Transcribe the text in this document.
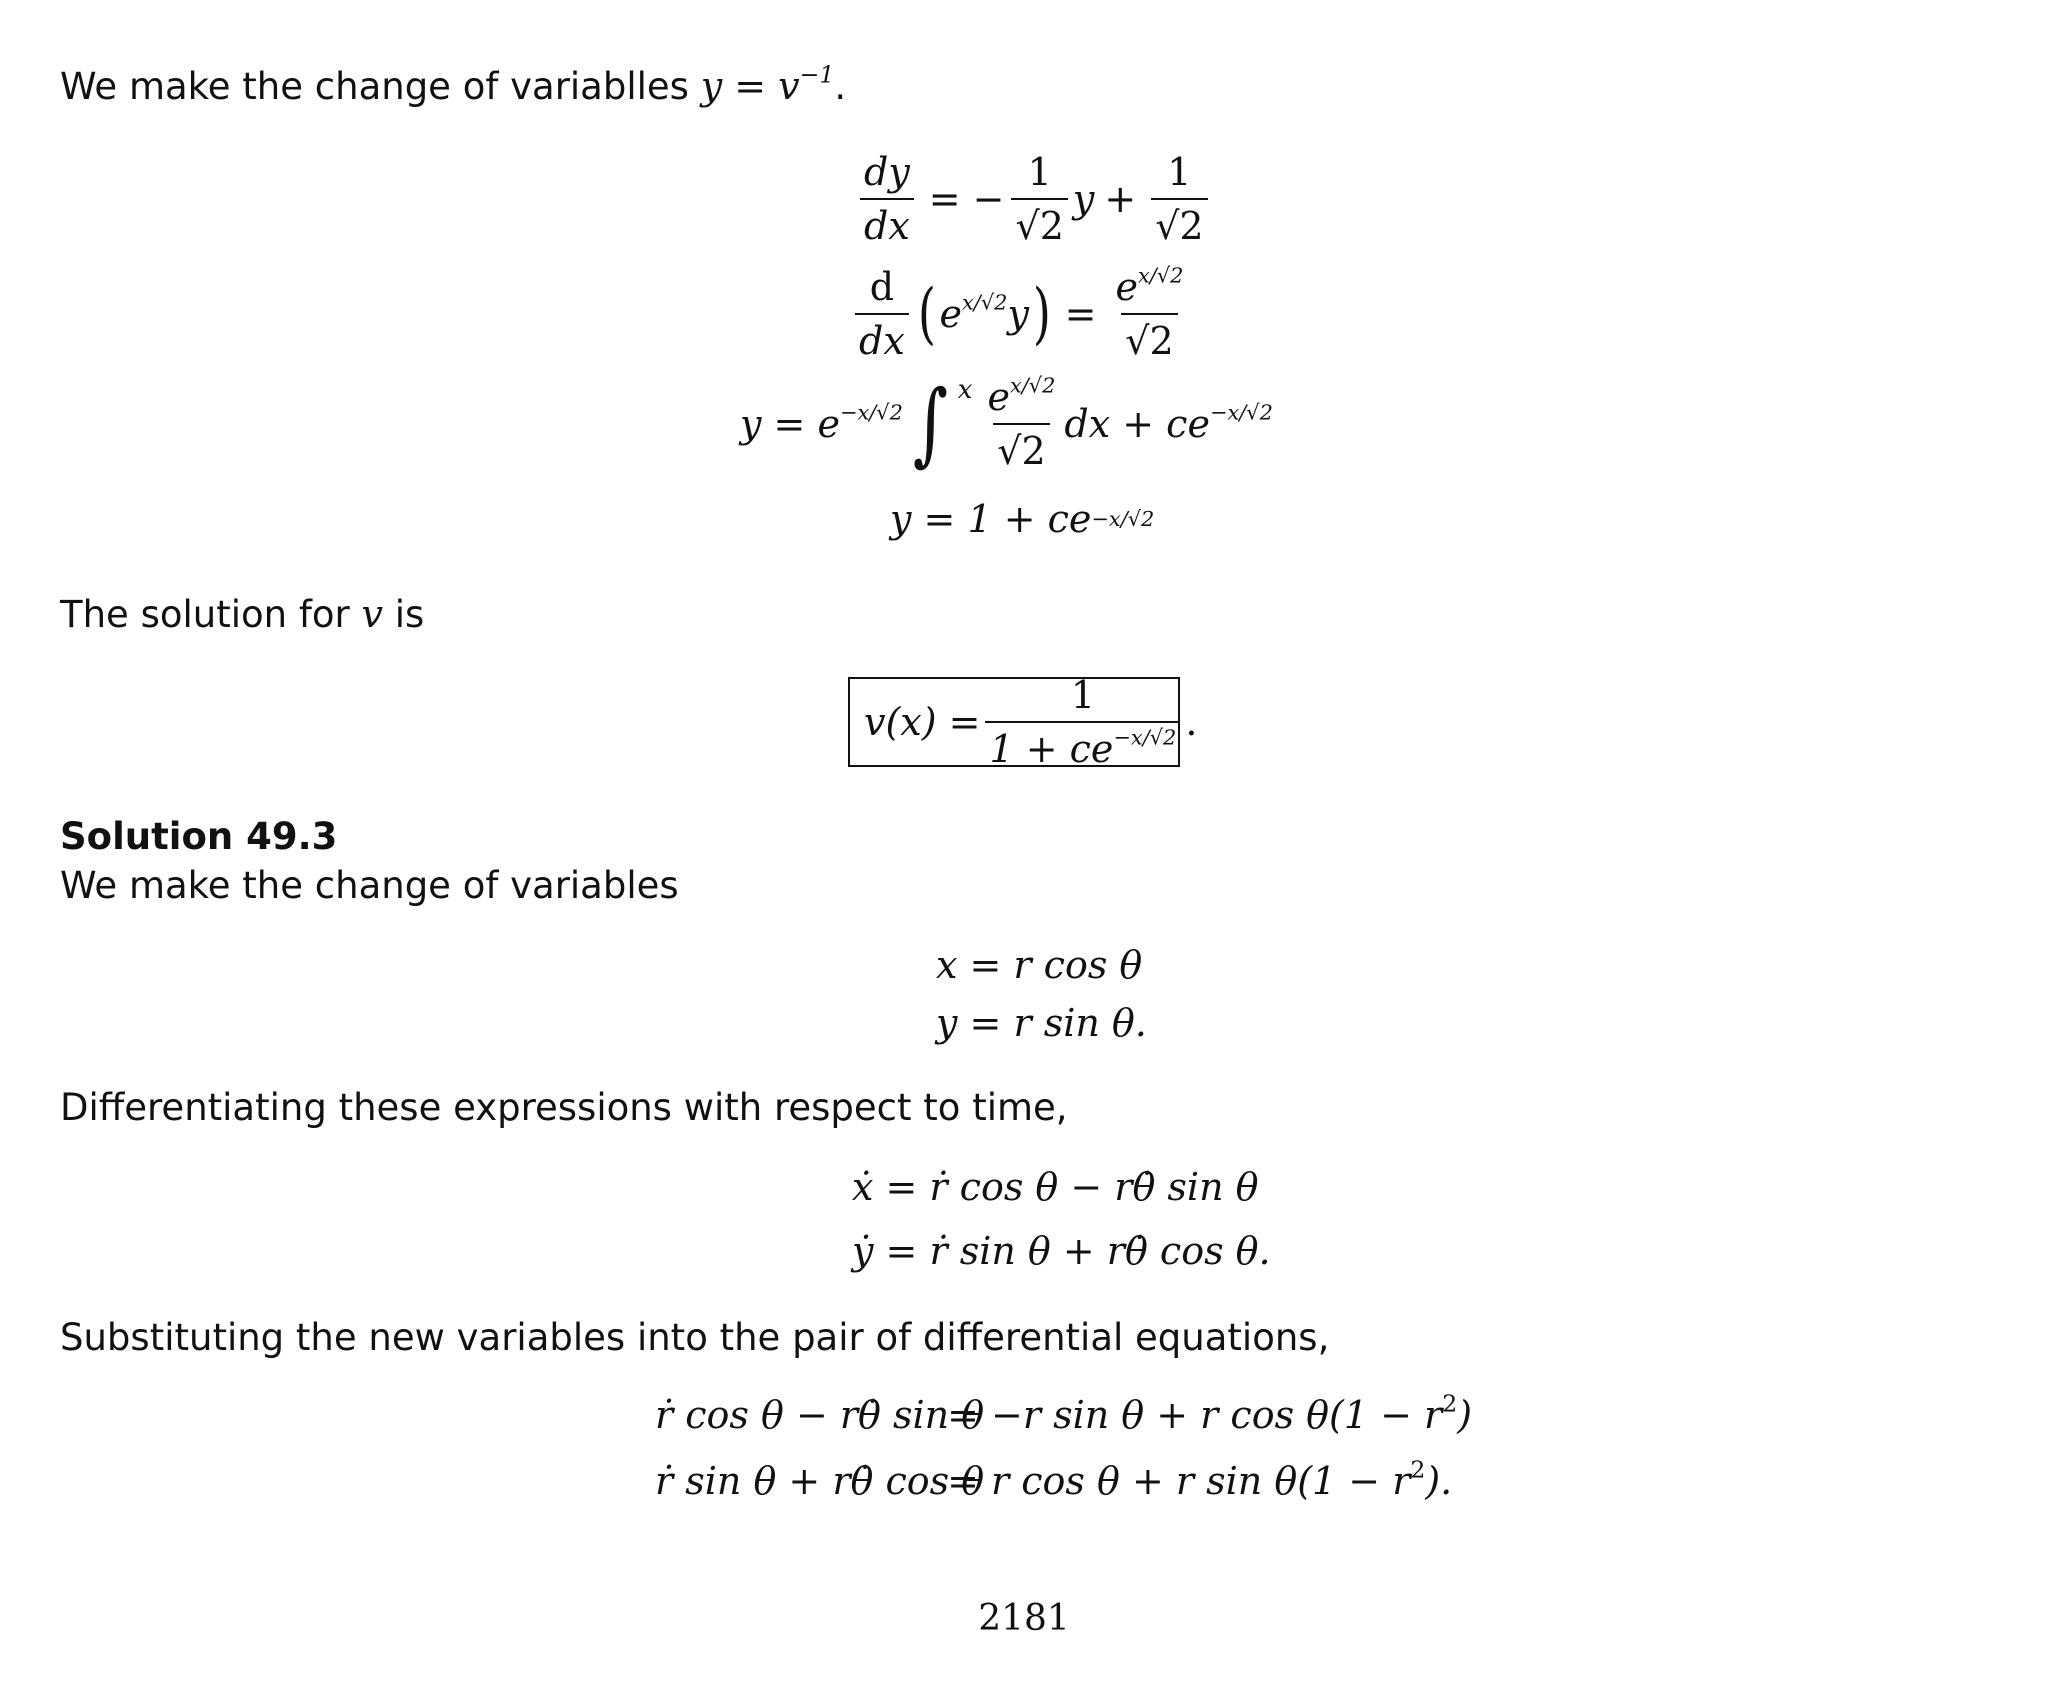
We make the change of variablles $y = v^{-1}$.
$\frac{dy}{dx}$ = − $\frac{1}{√2}$ $y + \frac{1}{√2}$
$\frac{d}{dx}$ ( $e^{x/√2}y$ ) = $\frac{e^{x/√2}}{√2}$
$y = e^{-x/√2}$ ∫ x $\frac{e^{x/√2}}{√2}$ dx + $ce^{-x/√2}$
y = 1 + ce −x/√2
The solution for v is
$v(x) = \frac{1}{1 + ce^{-x/√2}}$ .
Solution 49.3
We make the change of variables
x = r cos θ
y = r sin θ.
Differentiating these expressions with respect to time,
ẋ = ṙ cos θ − rθ̇ sin θ
ẏ = ṙ sin θ + rθ̇ cos θ.
Substituting the new variables into the pair of differential equations,
ṙ cos θ − rθ̇ sin θ
= −r sin θ + r $\cos \theta(1 - r^2)$
ṙ sin θ + rθ̇ cos θ
= r cos θ + r $\sin \theta(1 - r^2)$.
2181
